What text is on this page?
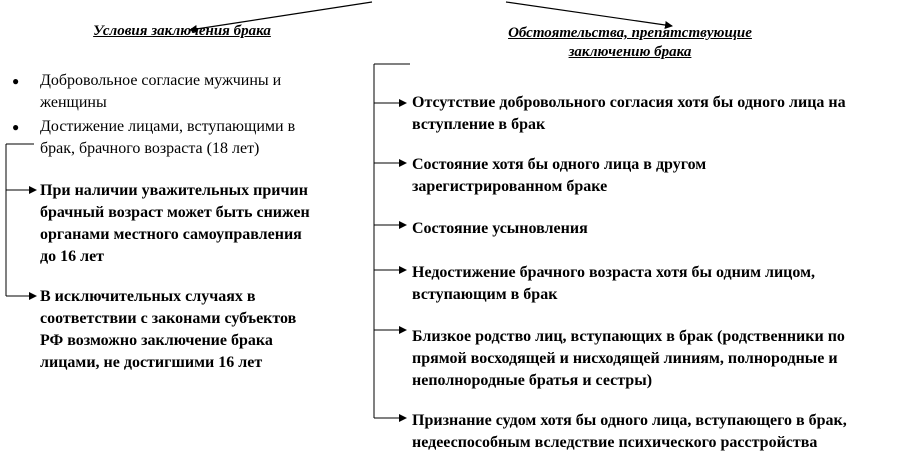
Условия заключения брака
● Добровольное согласие мужчины и
женщины
● Достижение лицами, вступающими в
брак, брачного возраста (18 лет)
При наличии уважительных причин
брачный возраст может быть снижен
органами местного самоуправления
до 16 лет
В исключительных случаях в
соответствии с законами субъектов
РФ возможно заключение брака
лицами, не достигшими 16 лет
Обстоятельства, препятствующие
заключению брака
Отсутствие добровольного согласия хотя бы одного лица на
вступление в брак
Состояние хотя бы одного лица в другом
зарегистрированном браке
Состояние усыновления
Недостижение брачного возраста хотя бы одним лицом,
вступающим в брак
Близкое родство лиц, вступающих в брак (родственники по
прямой восходящей и нисходящей линиям, полнородные и
неполнородные братья и сестры)
Признание судом хотя бы одного лица, вступающего в брак,
недееспособным вследствие психического расстройства
